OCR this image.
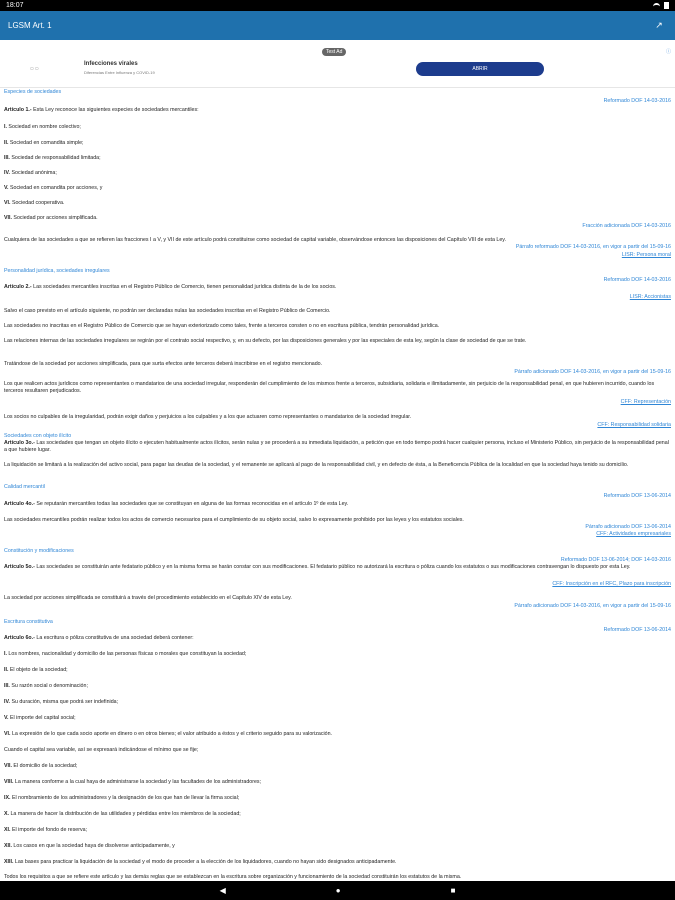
18:07
LGSM Art. 1	↗
Test Ad	ⓘ
▭ ▭
Infecciones virales
Diferencias Entre Influenza y COVID-19
ABRIR
Especies de sociedades
Reformado DOF 14-03-2016
Artículo 1.- Esta Ley reconoce las siguientes especies de sociedades mercantiles:
I. Sociedad en nombre colectivo;
II. Sociedad en comandita simple;
III. Sociedad de responsabilidad limitada;
IV. Sociedad anónima;
V. Sociedad en comandita por acciones, y
VI. Sociedad cooperativa.
VII. Sociedad por acciones simplificada.
Fracción adicionada DOF 14-03-2016
Cualquiera de las sociedades a que se refieren las fracciones I a V, y VII de este artículo podrá constituirse como sociedad de capital variable, observándose entonces las disposiciones del Capítulo VIII de esta Ley.
Párrafo reformado DOF 14-03-2016, en vigor a partir del 15-09-16
LISR: Persona moral
Personalidad jurídica, sociedades irregulares
Reformado DOF 14-03-2016
Artículo 2.- Las sociedades mercantiles inscritas en el Registro Público de Comercio, tienen personalidad jurídica distinta de la de los socios.
LISR: Accionistas
Salvo el caso previsto en el artículo siguiente, no podrán ser declaradas nulas las sociedades inscritas en el Registro Público de Comercio.
Las sociedades no inscritas en el Registro Público de Comercio que se hayan exteriorizado como tales, frente a terceros consten o no en escritura pública, tendrán personalidad jurídica.
Las relaciones internas de las sociedades irregulares se regirán por el contrato social respectivo, y, en su defecto, por las disposiciones generales y por las especiales de esta ley, según la clase de sociedad de que se trate.
Tratándose de la sociedad por acciones simplificada, para que surta efectos ante terceros deberá inscribirse en el registro mencionado.
Párrafo adicionado DOF 14-03-2016, en vigor a partir del 15-09-16
Los que realicen actos jurídicos como representantes o mandatarios de una sociedad irregular, responderán del cumplimiento de los mismos frente a terceros, subsidiaria, solidaria e ilimitadamente, sin perjuicio de la responsabilidad penal, en que hubieren incurrido, cuando los terceros resultaren perjudicados.
CFF: Representación
Los socios no culpables de la irregularidad, podrán exigir daños y perjuicios a los culpables y a los que actuaren como representantes o mandatarios de la sociedad irregular.
CFF: Responsabilidad solidaria
Sociedades con objeto ilícito
Artículo 3o.- Las sociedades que tengan un objeto ilícito o ejecuten habitualmente actos ilícitos, serán nulas y se procederá a su inmediata liquidación, a petición que en todo tiempo podrá hacer cualquier persona, incluso el Ministerio Público, sin perjuicio de la responsabilidad penal a que hubiere lugar.
La liquidación se limitará a la realización del activo social, para pagar las deudas de la sociedad, y el remanente se aplicará al pago de la responsabilidad civil, y en defecto de ésta, a la Beneficencia Pública de la localidad en que la sociedad haya tenido su domicilio.
Calidad mercantil
Reformado DOF 13-06-2014
Artículo 4o.- Se reputarán mercantiles todas las sociedades que se constituyan en alguna de las formas reconocidas en el artículo 1º de esta Ley.
Las sociedades mercantiles podrán realizar todos los actos de comercio necesarios para el cumplimiento de su objeto social, salvo lo expresamente prohibido por las leyes y los estatutos sociales.
Párrafo adicionado DOF 13-06-2014
CFF: Actividades empresariales
Constitución y modificaciones
Reformado DOF 13-06-2014; DOF 14-03-2016
Artículo 5o.- Las sociedades se constituirán ante fedatario público y en la misma forma se harán constar con sus modificaciones. El fedatario público no autorizará la escritura o póliza cuando los estatutos o sus modificaciones contravengan lo dispuesto por esta Ley.
CFF: Inscripción en el RFC, Plazo para inscripción
La sociedad por acciones simplificada se constituirá a través del procedimiento establecido en el Capítulo XIV de esta Ley.
Párrafo adicionado DOF 14-03-2016, en vigor a partir del 15-09-16
Escritura constitutiva
Reformado DOF 13-06-2014
Artículo 6o.- La escritura o póliza constitutiva de una sociedad deberá contener:
I. Los nombres, nacionalidad y domicilio de las personas físicas o morales que constituyan la sociedad;
II. El objeto de la sociedad;
III. Su razón social o denominación;
IV. Su duración, misma que podrá ser indefinida;
V. El importe del capital social;
VI. La expresión de lo que cada socio aporte en dinero o en otros bienes; el valor atribuido a éstos y el criterio seguido para su valorización.
Cuando el capital sea variable, así se expresará indicándose el mínimo que se fije;
VII. El domicilio de la sociedad;
VIII. La manera conforme a la cual haya de administrarse la sociedad y las facultades de los administradores;
IX. El nombramiento de los administradores y la designación de los que han de llevar la firma social;
X. La manera de hacer la distribución de las utilidades y pérdidas entre los miembros de la sociedad;
XI. El importe del fondo de reserva;
XII. Los casos en que la sociedad haya de disolverse anticipadamente, y
XIII. Las bases para practicar la liquidación de la sociedad y el modo de proceder a la elección de los liquidadores, cuando no hayan sido designados anticipadamente.
Todos los requisitos a que se refiere este artículo y las demás reglas que se establezcan en la escritura sobre organización y funcionamiento de la sociedad constituirán los estatutos de la misma.
◀	●	■
